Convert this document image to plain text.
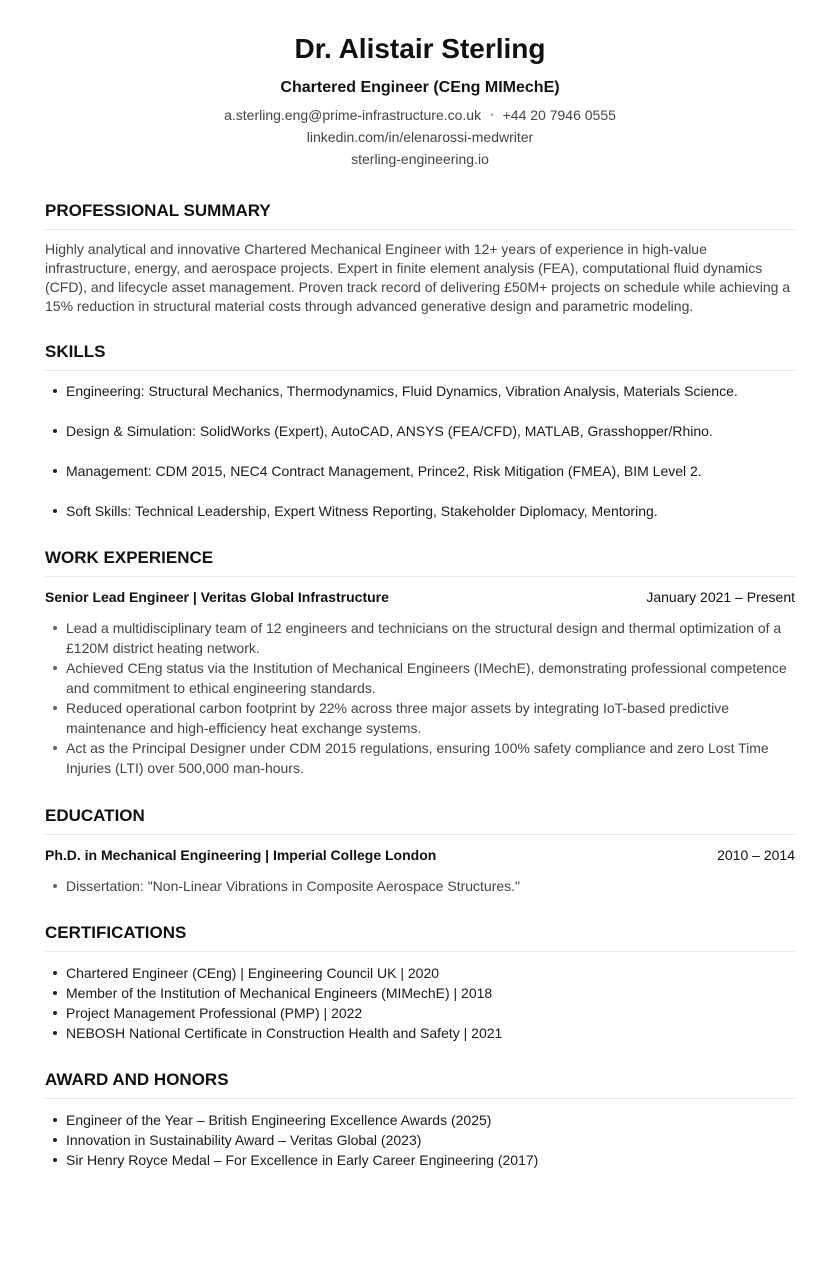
Dr. Alistair Sterling
Chartered Engineer (CEng MIMechE)
a.sterling.eng@prime-infrastructure.co.uk • +44 20 7946 0555
linkedin.com/in/elenarossi-medwriter
sterling-engineering.io
PROFESSIONAL SUMMARY
Highly analytical and innovative Chartered Mechanical Engineer with 12+ years of experience in high-value infrastructure, energy, and aerospace projects. Expert in finite element analysis (FEA), computational fluid dynamics (CFD), and lifecycle asset management. Proven track record of delivering £50M+ projects on schedule while achieving a 15% reduction in structural material costs through advanced generative design and parametric modeling.
SKILLS
Engineering: Structural Mechanics, Thermodynamics, Fluid Dynamics, Vibration Analysis, Materials Science.
Design & Simulation: SolidWorks (Expert), AutoCAD, ANSYS (FEA/CFD), MATLAB, Grasshopper/Rhino.
Management: CDM 2015, NEC4 Contract Management, Prince2, Risk Mitigation (FMEA), BIM Level 2.
Soft Skills: Technical Leadership, Expert Witness Reporting, Stakeholder Diplomacy, Mentoring.
WORK EXPERIENCE
Senior Lead Engineer | Veritas Global Infrastructure	January 2021 – Present
Lead a multidisciplinary team of 12 engineers and technicians on the structural design and thermal optimization of a £120M district heating network.
Achieved CEng status via the Institution of Mechanical Engineers (IMechE), demonstrating professional competence and commitment to ethical engineering standards.
Reduced operational carbon footprint by 22% across three major assets by integrating IoT-based predictive maintenance and high-efficiency heat exchange systems.
Act as the Principal Designer under CDM 2015 regulations, ensuring 100% safety compliance and zero Lost Time Injuries (LTI) over 500,000 man-hours.
EDUCATION
Ph.D. in Mechanical Engineering | Imperial College London	2010 – 2014
Dissertation: "Non-Linear Vibrations in Composite Aerospace Structures."
CERTIFICATIONS
Chartered Engineer (CEng) | Engineering Council UK | 2020
Member of the Institution of Mechanical Engineers (MIMechE) | 2018
Project Management Professional (PMP) | 2022
NEBOSH National Certificate in Construction Health and Safety | 2021
AWARD AND HONORS
Engineer of the Year – British Engineering Excellence Awards (2025)
Innovation in Sustainability Award – Veritas Global (2023)
Sir Henry Royce Medal – For Excellence in Early Career Engineering (2017)
